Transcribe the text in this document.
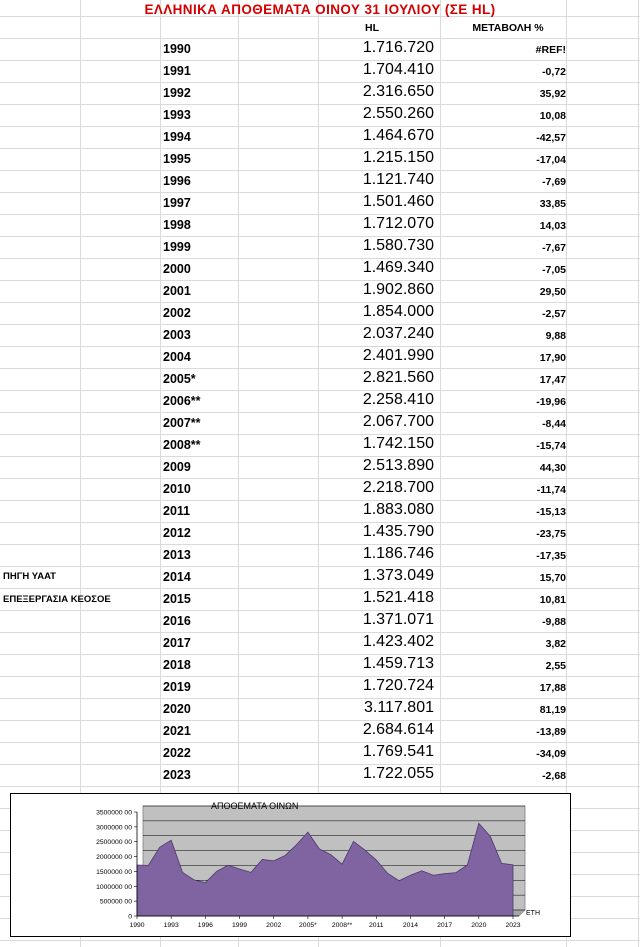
ΕΛΛΗΝΙΚΑ ΑΠΟΘΕΜΑΤΑ ΟΙΝΟΥ 31 ΙΟΥΛΙΟΥ (ΣΕ HL)
HL	ΜΕΤΑΒΟΛΗ %
1990	1.716.720	#REF!
1991	1.704.410	-0,72
1992	2.316.650	35,92
1993	2.550.260	10,08
1994	1.464.670	-42,57
1995	1.215.150	-17,04
1996	1.121.740	-7,69
1997	1.501.460	33,85
1998	1.712.070	14,03
1999	1.580.730	-7,67
2000	1.469.340	-7,05
2001	1.902.860	29,50
2002	1.854.000	-2,57
2003	2.037.240	9,88
2004	2.401.990	17,90
2005*	2.821.560	17,47
2006**	2.258.410	-19,96
2007**	2.067.700	-8,44
2008**	1.742.150	-15,74
2009	2.513.890	44,30
2010	2.218.700	-11,74
2011	1.883.080	-15,13
2012	1.435.790	-23,75
2013	1.186.746	-17,35
2014	1.373.049	15,70
2015	1.521.418	10,81
2016	1.371.071	-9,88
2017	1.423.402	3,82
2018	1.459.713	2,55
2019	1.720.724	17,88
2020	3.117.801	81,19
2021	2.684.614	-13,89
2022	1.769.541	-34,09
2023	1.722.055	-2,68
ΠΗΓΗ ΥΑΑΤ
ΕΠΕΞΕΡΓΑΣΙΑ ΚΕΟΣΟΕ
ΑΠΟΘΕΜΑΤΑ ΟΙΝΩΝ
ΕΤΗ
0
500000 00
1000000 00
1500000 00
2000000 00
2500000 00
3000000 00
3500000 00
1990	1993	1996	1999	2002	2005* 2008** 2011	2014	2017	2020	2023
